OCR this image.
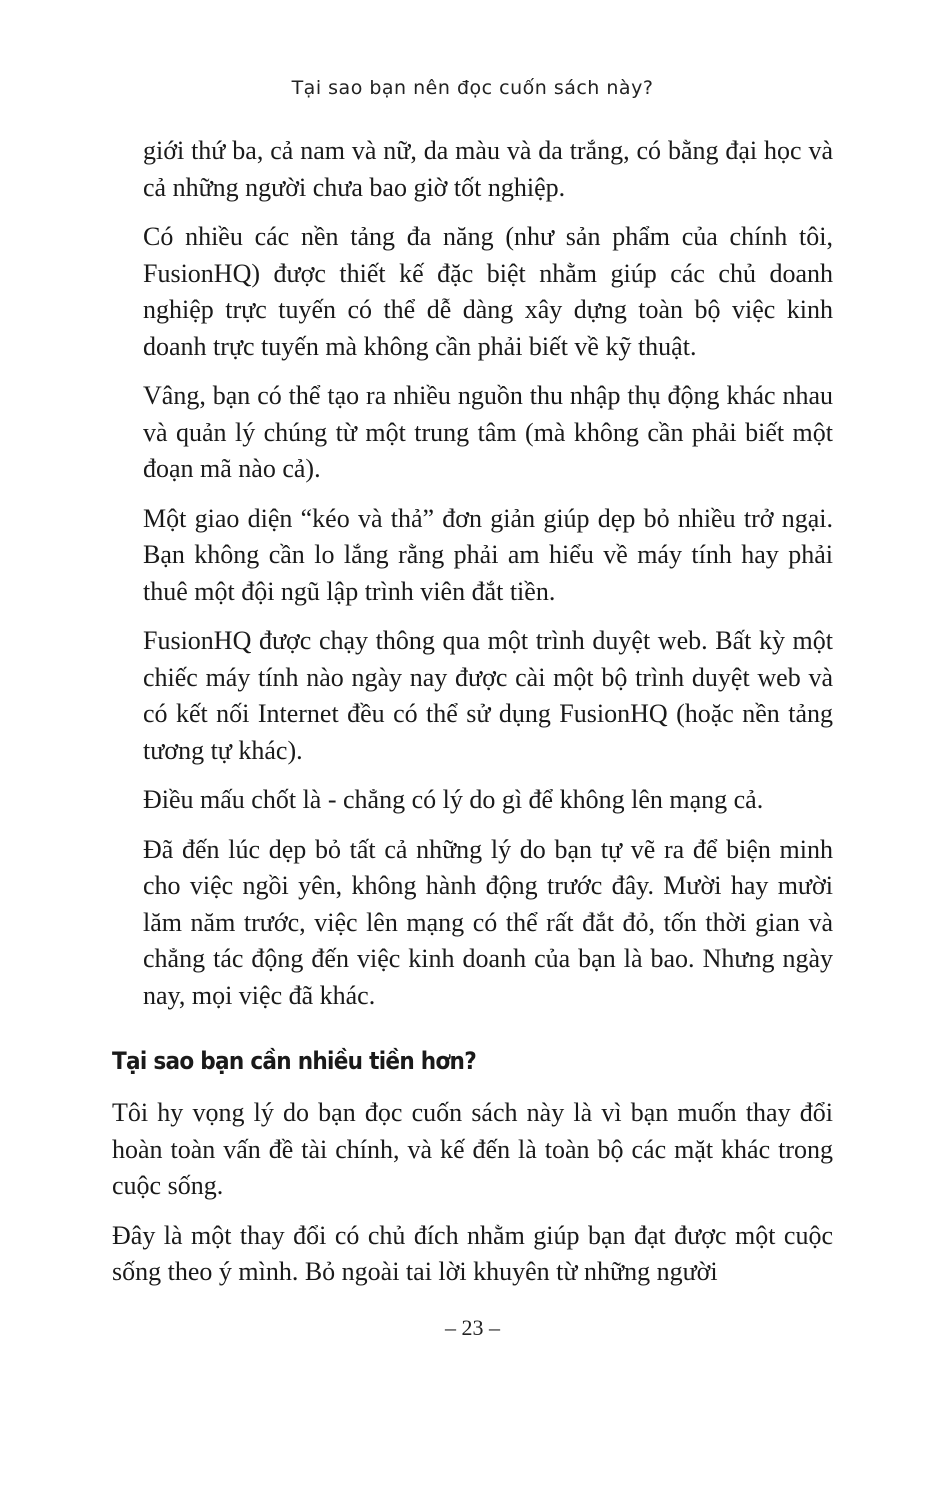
Tại sao bạn nên đọc cuốn sách này?

giới thứ ba, cả nam và nữ, da màu và da trắng, có bằng đại học và cả những người chưa bao giờ tốt nghiệp.

Có nhiều các nền tảng đa năng (như sản phẩm của chính tôi, FusionHQ) được thiết kế đặc biệt nhằm giúp các chủ doanh nghiệp trực tuyến có thể dễ dàng xây dựng toàn bộ việc kinh doanh trực tuyến mà không cần phải biết về kỹ thuật.

Vâng, bạn có thể tạo ra nhiều nguồn thu nhập thụ động khác nhau và quản lý chúng từ một trung tâm (mà không cần phải biết một đoạn mã nào cả).

Một giao diện “kéo và thả” đơn giản giúp dẹp bỏ nhiều trở ngại. Bạn không cần lo lắng rằng phải am hiểu về máy tính hay phải thuê một đội ngũ lập trình viên đắt tiền.

FusionHQ được chạy thông qua một trình duyệt web. Bất kỳ một chiếc máy tính nào ngày nay được cài một bộ trình duyệt web và có kết nối Internet đều có thể sử dụng FusionHQ (hoặc nền tảng tương tự khác).

Điều mấu chốt là - chẳng có lý do gì để không lên mạng cả.

Đã đến lúc dẹp bỏ tất cả những lý do bạn tự vẽ ra để biện minh cho việc ngồi yên, không hành động trước đây. Mười hay mười lăm năm trước, việc lên mạng có thể rất đắt đỏ, tốn thời gian và chẳng tác động đến việc kinh doanh của bạn là bao. Nhưng ngày nay, mọi việc đã khác.

Tại sao bạn cần nhiều tiền hơn?

Tôi hy vọng lý do bạn đọc cuốn sách này là vì bạn muốn thay đổi hoàn toàn vấn đề tài chính, và kế đến là toàn bộ các mặt khác trong cuộc sống.

Đây là một thay đổi có chủ đích nhằm giúp bạn đạt được một cuộc sống theo ý mình. Bỏ ngoài tai lời khuyên từ những người

– 23 –
